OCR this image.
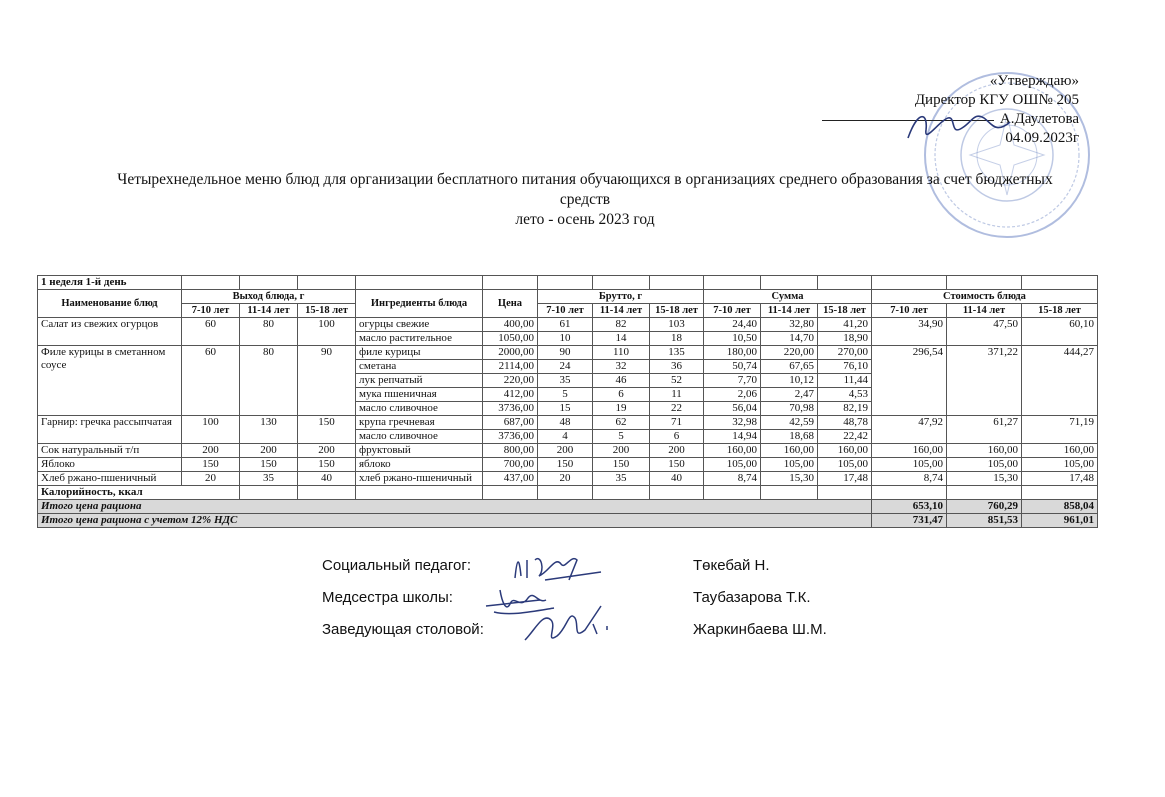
«Утверждаю»
Директор КГУ ОШ№ 205
А.Даулетова
04.09.2023г
Четырехнедельное меню блюд для организации бесплатного питания обучающихся в организациях среднего образования за счет бюджетных
средств
лето - осень 2023 год
1 неделя 1-й день														
Наименование блюд	Выход блюда, г			Ингредиенты блюда	Цена	Брутто, г			Сумма			Стоимость блюда		
	7-10 лет	11-14 лет	15-18 лет			7-10 лет	11-14 лет	15-18 лет	7-10 лет	11-14 лет	15-18 лет	7-10 лет	11-14 лет	15-18 лет
Салат из свежих огурцов	60	80	100	огурцы свежие	400,00	61	82	103	24,40	32,80	41,20	34,90	47,50	60,10
				масло растительное	1050,00	10	14	18	10,50	14,70	18,90			
Филе курицы в сметанном соусе	60	80	90	филе курицы	2000,00	90	110	135	180,00	220,00	270,00	296,54	371,22	444,27
				сметана	2114,00	24	32	36	50,74	67,65	76,10			
				лук репчатый	220,00	35	46	52	7,70	10,12	11,44			
				мука пшеничная	412,00	5	6	11	2,06	2,47	4,53			
				масло сливочное	3736,00	15	19	22	56,04	70,98	82,19			
Гарнир: гречка рассыпчатая	100	130	150	крупа гречневая	687,00	48	62	71	32,98	42,59	48,78	47,92	61,27	71,19
				масло сливочное	3736,00	4	5	6	14,94	18,68	22,42			
Сок натуральный т/п	200	200	200	фруктовый	800,00	200	200	200	160,00	160,00	160,00	160,00	160,00	160,00
Яблоко	150	150	150	яблоко	700,00	150	150	150	105,00	105,00	105,00	105,00	105,00	105,00
Хлеб ржано-пшеничный	20	35	40	хлеб ржано-пшеничный	437,00	20	35	40	8,74	15,30	17,48	8,74	15,30	17,48
Калорийность, ккал														
Итого цена рациона												653,10	760,29	858,04
Итого цена рациона с учетом 12% НДС												731,47	851,53	961,01
Социальный педагог:	Төкебай Н.
Медсестра школы:	Таубазарова Т.К.
Заведующая столовой:	Жаркинбаева Ш.М.
